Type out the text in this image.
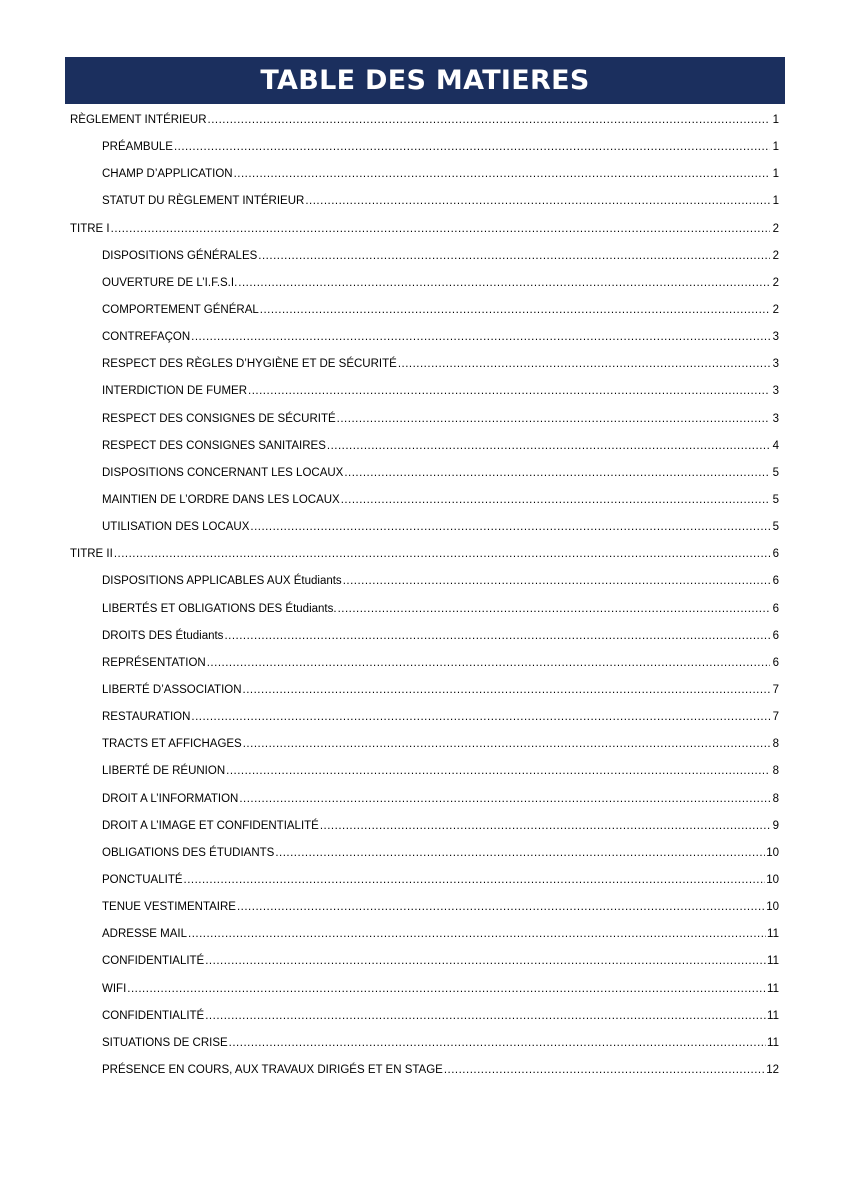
TABLE DES MATIERES
RÈGLEMENT INTÉRIEUR .....	1
PRÉAMBULE .....	1
CHAMP D’APPLICATION .....	1
STATUT DU RÈGLEMENT INTÉRIEUR .....	1
TITRE I .....	2
DISPOSITIONS GÉNÉRALES .....	2
OUVERTURE DE L’I.F.S.I. .....	2
COMPORTEMENT GÉNÉRAL .....	2
CONTREFAÇON .....	3
RESPECT DES RÈGLES D’HYGIÈNE ET DE SÉCURITÉ .....	3
INTERDICTION DE FUMER .....	3
RESPECT DES CONSIGNES DE SÉCURITÉ .....	3
RESPECT DES CONSIGNES SANITAIRES .....	4
DISPOSITIONS CONCERNANT LES LOCAUX .....	5
MAINTIEN DE L’ORDRE DANS LES LOCAUX .....	5
UTILISATION DES LOCAUX .....	5
TITRE II .....	6
DISPOSITIONS APPLICABLES AUX Étudiants .....	6
LIBERTÉS ET OBLIGATIONS DES Étudiants. .....	6
DROITS DES Étudiants .....	6
REPRÉSENTATION .....	6
LIBERTÉ D’ASSOCIATION .....	7
RESTAURATION .....	7
TRACTS ET AFFICHAGES .....	8
LIBERTÉ DE RÉUNION .....	8
DROIT A L’INFORMATION .....	8
DROIT A L’IMAGE ET CONFIDENTIALITÉ .....	9
OBLIGATIONS DES ÉTUDIANTS .....	10
PONCTUALITÉ .....	10
TENUE VESTIMENTAIRE .....	10
ADRESSE MAIL .....	11
CONFIDENTIALITÉ .....	11
WIFI .....	11
CONFIDENTIALITÉ .....	11
SITUATIONS DE CRISE .....	11
PRÉSENCE EN COURS, AUX TRAVAUX DIRIGÉS ET EN STAGE .....	12
